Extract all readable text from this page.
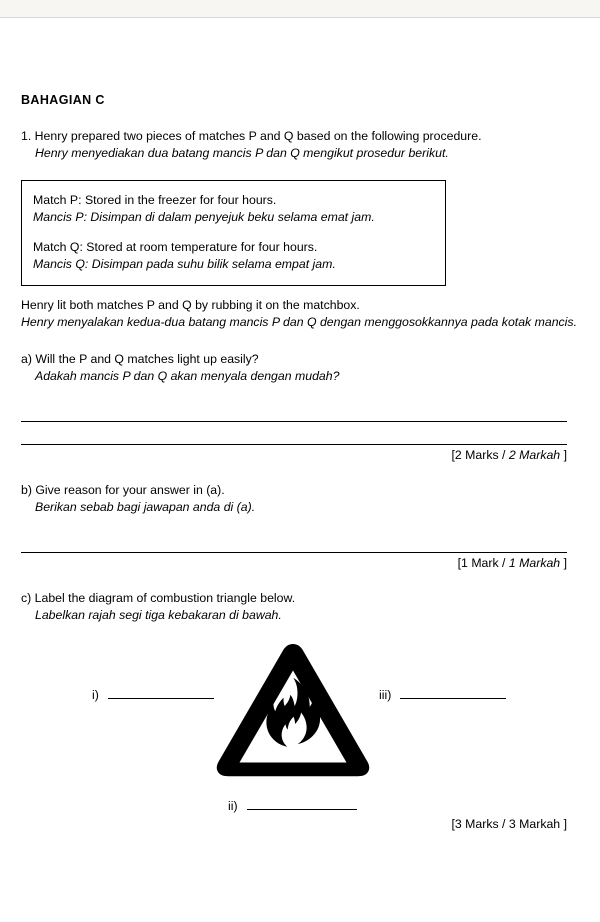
BAHAGIAN C
1. Henry prepared two pieces of matches P and Q based on the following procedure.
Henry menyediakan dua batang mancis P dan Q mengikut prosedur berikut.
Match P: Stored in the freezer for four hours.
Mancis P: Disimpan di dalam penyejuk beku selama emat jam.
Match Q: Stored at room temperature for four hours.
Mancis Q: Disimpan pada suhu bilik selama empat jam.
Henry lit both matches P and Q by rubbing it on the matchbox.
Henry menyalakan kedua-dua batang mancis P dan Q dengan menggosokkannya pada kotak mancis.
a) Will the P and Q matches light up easily?
Adakah mancis P dan Q akan menyala dengan mudah?
[2 Marks / 2 Markah ]
b) Give reason for your answer in (a).
Berikan sebab bagi jawapan anda di (a).
[1 Mark / 1 Markah ]
c) Label the diagram of combustion triangle below.
Labelkan rajah segi tiga kebakaran di bawah.
i)	iii)
ii)
[3 Marks / 3 Markah ]
